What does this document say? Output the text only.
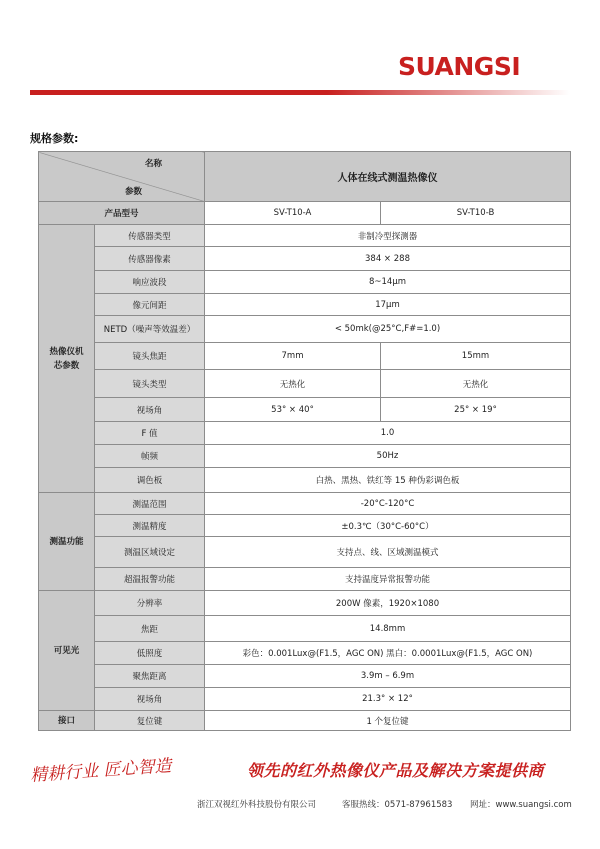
SUANGSI
规格参数:
名称
参数		人体在线式测温热像仪	
产品型号		SV-T10-A	SV-T10-B
热像仪机
芯参数	传感器类型	非制冷型探测器	
	传感器像素	384 × 288	
	响应波段	8~14μm	
	像元间距	17μm	
	NETD（噪声等效温差）	< 50mk(@25°C,F#=1.0)	
	镜头焦距	7mm	15mm
	镜头类型	无热化	无热化
	视场角	53° × 40°	25° × 19°
	F 值	1.0	
	帧频	50Hz	
	调色板	白热、黑热、铁红等 15 种伪彩调色板	
测温功能	测温范围	-20°C-120°C	
	测温精度	±0.3℃（30°C-60°C）	
	测温区域设定	支持点、线、区域测温模式	
	超温报警功能	支持温度异常报警功能	
可见光	分辨率	200W 像素，1920×1080	
	焦距	14.8mm	
	低照度	彩色：0.001Lux@(F1.5，AGC ON) 黑白：0.0001Lux@(F1.5，AGC ON)	
	聚焦距离	3.9m – 6.9m	
	视场角	21.3° × 12°	
接口	复位键	1 个复位键	
精耕行业 匠心智造	领先的红外热像仪产品及解决方案提供商
浙江双视红外科技股份有限公司	客服热线：0571-87961583 网址：www.suangsi.com
